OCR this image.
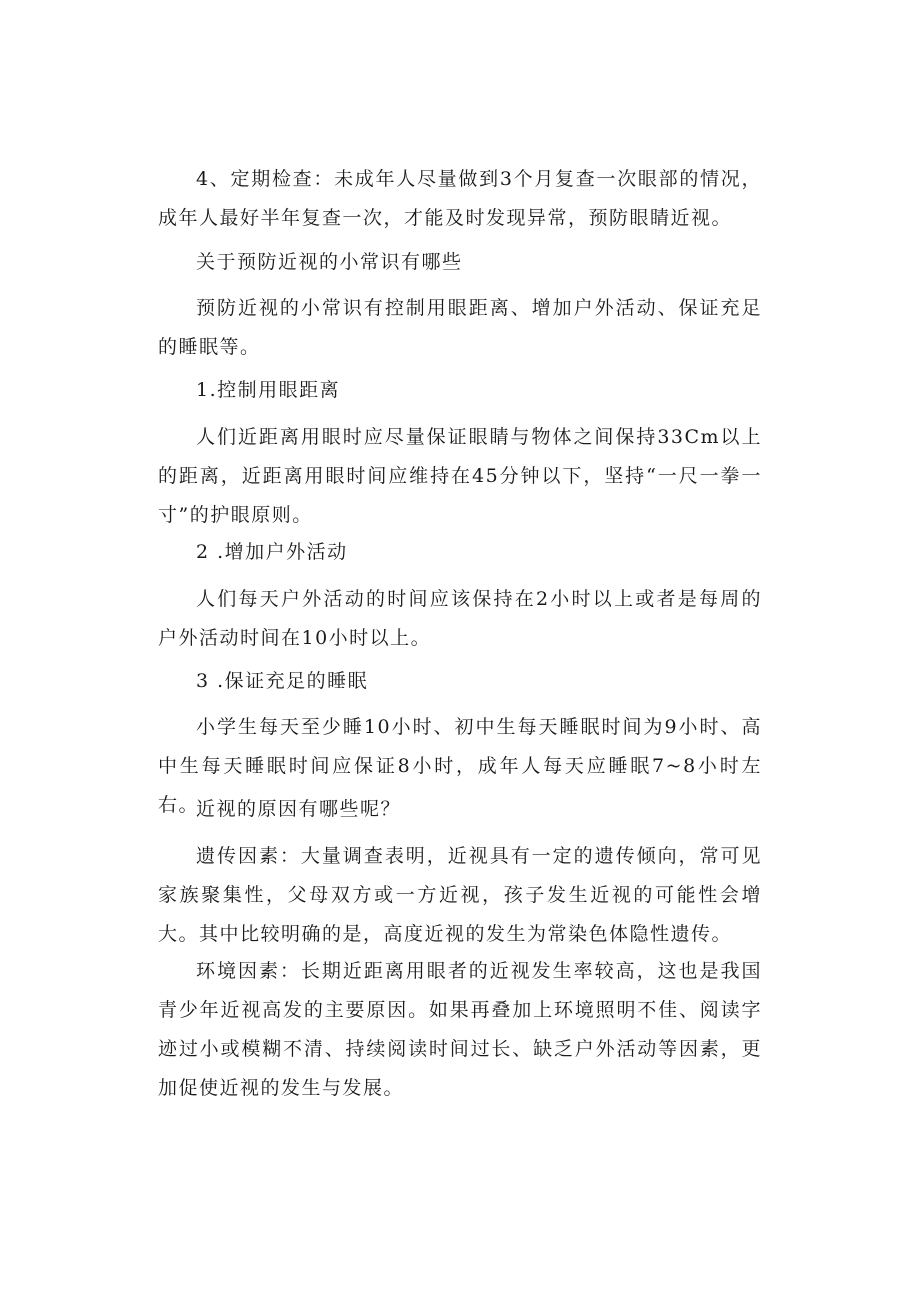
4、定期检查：未成年人尽量做到3个月复查一次眼部的情况，成年人最好半年复查一次，才能及时发现异常，预防眼睛近视。

关于预防近视的小常识有哪些

预防近视的小常识有控制用眼距离、增加户外活动、保证充足的睡眠等。

1.控制用眼距离

人们近距离用眼时应尽量保证眼睛与物体之间保持33Cm以上的距离，近距离用眼时间应维持在45分钟以下，坚持“一尺一拳一寸”的护眼原则。

2 .增加户外活动

人们每天户外活动的时间应该保持在2小时以上或者是每周的户外活动时间在10小时以上。

3 .保证充足的睡眠

小学生每天至少睡10小时、初中生每天睡眠时间为9小时、高中生每天睡眠时间应保证8小时，成年人每天应睡眠7~8小时左右。

近视的原因有哪些呢？

遗传因素：大量调查表明，近视具有一定的遗传倾向，常可见家族聚集性，父母双方或一方近视，孩子发生近视的可能性会增大。其中比较明确的是，高度近视的发生为常染色体隐性遗传。

环境因素：长期近距离用眼者的近视发生率较高，这也是我国青少年近视高发的主要原因。如果再叠加上环境照明不佳、阅读字迹过小或模糊不清、持续阅读时间过长、缺乏户外活动等因素，更加促使近视的发生与发展。
